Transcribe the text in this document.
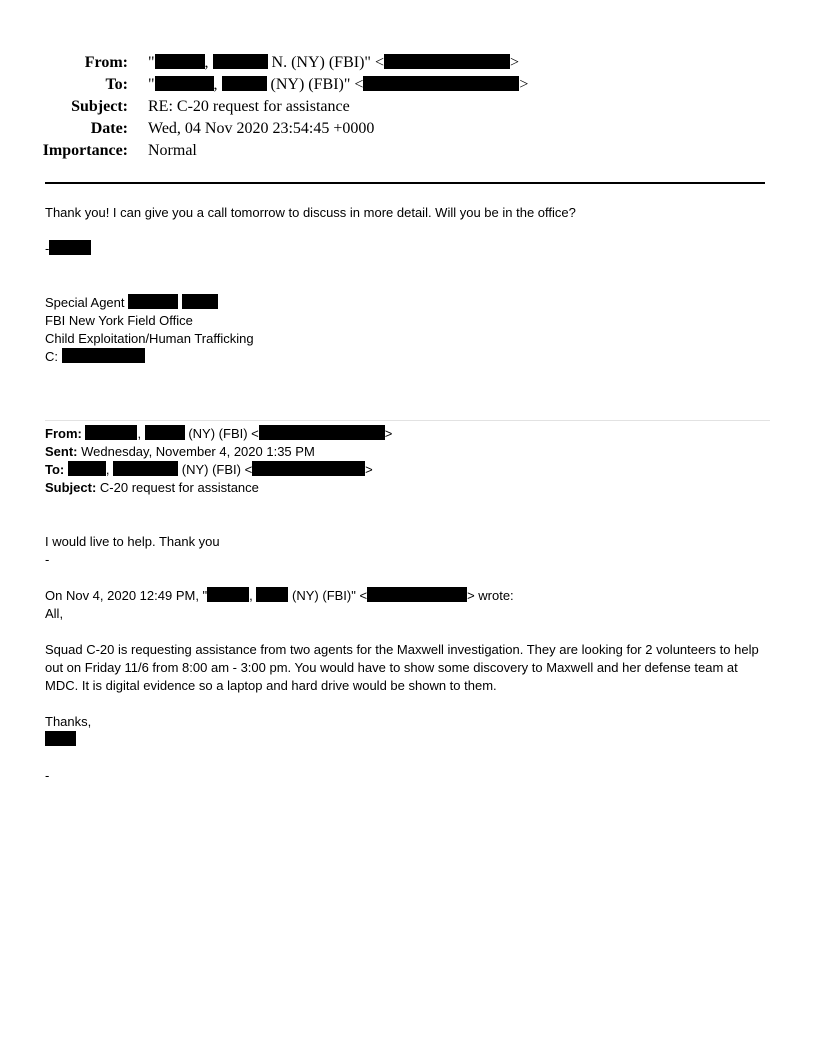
From: "	,	N. (NY) (FBI)" <	>
To: "	,	(NY) (FBI)" <	>
Subject: RE: C-20 request for assistance
Date: Wed, 04 Nov 2020 23:54:45 +0000
Importance: Normal
Thank you! I can give you a call tomorrow to discuss in more detail. Will you be in the office?
-
Special Agent
FBI New York Field Office
Child Exploitation/Human Trafficking
C:
From:	,	(NY) (FBI) <	>
Sent: Wednesday, November 4, 2020 1:35 PM
To:	,	(NY) (FBI) <	>
Subject: C-20 request for assistance
I would live to help. Thank you
-
On Nov 4, 2020 12:49 PM, "	,	(NY) (FBI)" <	> wrote:
All,
Squad C-20 is requesting assistance from two agents for the Maxwell investigation. They are looking for 2 volunteers to help out on Friday 11/6 from 8:00 am - 3:00 pm. You would have to show some discovery to Maxwell and her defense team at MDC. It is digital evidence so a laptop and hard drive would be shown to them.
Thanks,
-
